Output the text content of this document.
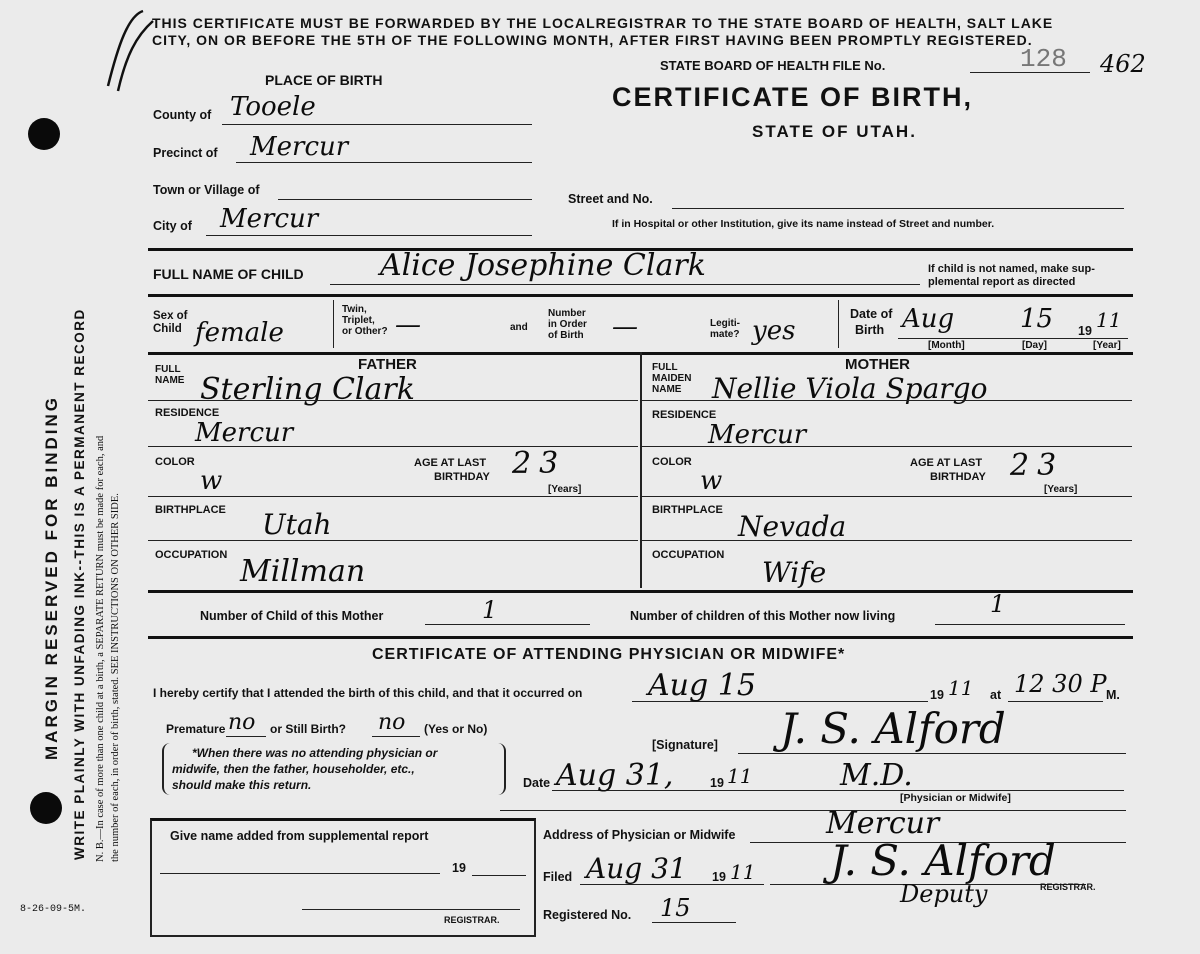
MARGIN RESERVED FOR BINDING WRITE PLAINLY WITH UNFADING INK--THIS IS A PERMANENT RECORD N. B.—In case of more than one child at a birth, a SEPARATE RETURN must be made for each, and the number of each, in order of birth, stated. SEE INSTRUCTIONS ON OTHER SIDE.
8-26-09-5M.
THIS CERTIFICATE MUST BE FORWARDED BY THE LOCALREGISTRAR TO THE STATE BOARD OF HEALTH, SALT LAKE
CITY, ON OR BEFORE THE 5TH OF THE FOLLOWING MONTH, AFTER FIRST HAVING BEEN PROMPTLY REGISTERED.
STATE BOARD OF HEALTH FILE No.	128 462
PLACE OF BIRTH
CERTIFICATE OF BIRTH,
STATE OF UTAH.
County of Tooele
Precinct of Mercur
Town or Village of
Street and No.
City of Mercur	If in Hospital or other Institution, give its name instead of Street and number.
FULL NAME OF CHILD	Alice Josephine Clark	If child is not named, make sup-
plemental report as directed
Sex of
Child female
Twin,
Triplet,
or Other? —	and
Number
in Order
of Birth —	Legiti-
mate? yes
Date of
Birth Aug	15 19 11
[Month]	[Day]	[Year]
FATHER
FULL
NAME Sterling Clark
RESIDENCE
Mercur
COLOR
w
AGE AT LAST
BIRTHDAY 23
[Years]
BIRTHPLACE Utah
OCCUPATION Millman
MOTHER
FULL
MAIDEN
NAME	Nellie Viola Spargo
RESIDENCE
Mercur
COLOR
w
AGE AT LAST
BIRTHDAY 23
[Years]
BIRTHPLACE Nevada
OCCUPATION
Wife
Number of Child of this Mother	1	Number of children of this Mother now living	1
CERTIFICATE OF ATTENDING PHYSICIAN OR MIDWIFE*
I hereby certify that I attended the birth of this child, and that it occurred on Aug 15	19 11 at 12 30 P M.
Premature no or Still Birth? no (Yes or No)
*When there was no attending physician or
midwife, then the father, householder, etc.,
should make this return.
[Signature] J. S. Alford
M.D.
Date Aug 31,	19 11
[Physician or Midwife]
Give name added from supplemental report
19
REGISTRAR.
Address of Physician or Midwife	Mercur
Filed Aug 31 19 11 J. S. Alford
Deputy	REGISTRAR.
Registered No. 15
